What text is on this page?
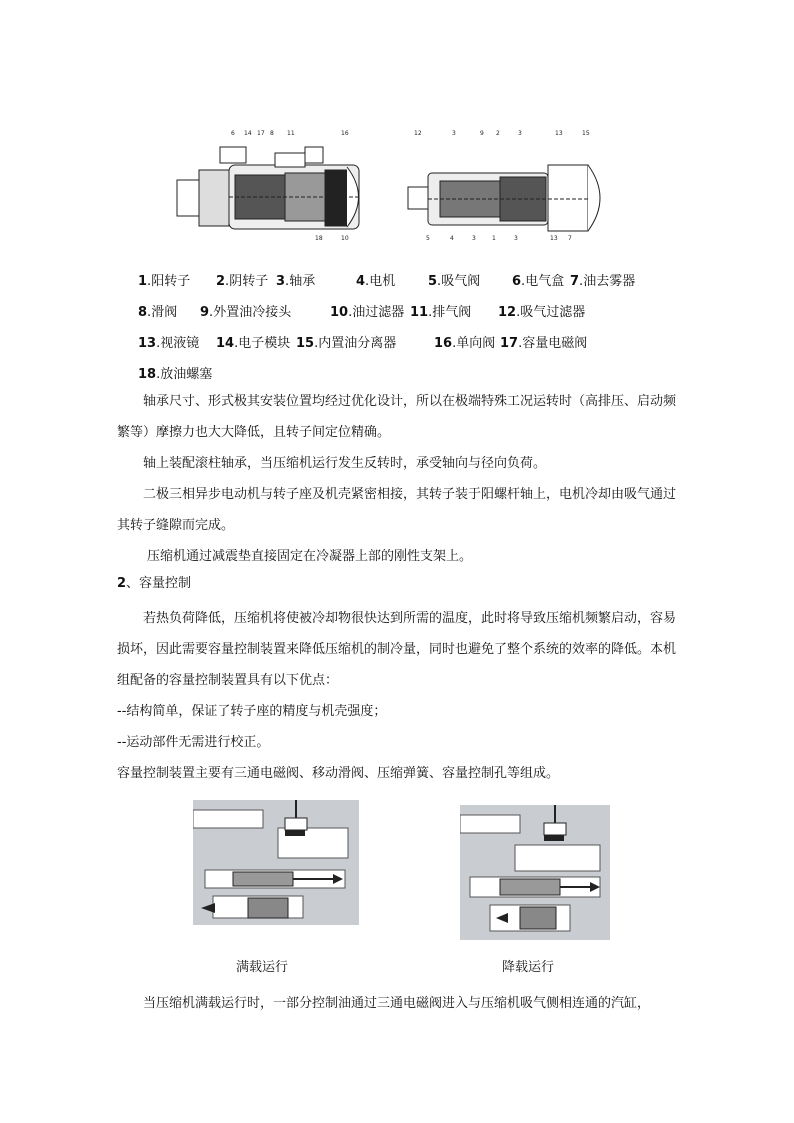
6 14 17 8 11	16
18	10
12	3	9 2	3	13	15
5	4	3	1	3	13 7
1.阳转子 2.阴转子 3.轴承	4.电机	5.吸气阀 6.电气盒 7.油去雾器
8.滑阀 9.外置油冷接头	10.油过滤器 11.排气阀 12.吸气过滤器
13.视液镜 14.电子模块 15.内置油分离器	16.单向阀 17.容量电磁阀
18.放油螺塞

轴承尺寸、形式极其安装位置均经过优化设计，所以在极端特殊工况运转时（高排压、启动频繁等）摩擦力也大大降低，且转子间定位精确。

轴上装配滚柱轴承，当压缩机运行发生反转时，承受轴向与径向负荷。

二极三相异步电动机与转子座及机壳紧密相接，其转子装于阳螺杆轴上，电机冷却由吸气通过其转子缝隙而完成。

压缩机通过减震垫直接固定在冷凝器上部的刚性支架上。

2、容量控制

若热负荷降低，压缩机将使被冷却物很快达到所需的温度，此时将导致压缩机频繁启动，容易损坏，因此需要容量控制装置来降低压缩机的制冷量，同时也避免了整个系统的效率的降低。本机组配备的容量控制装置具有以下优点：

--结构简单，保证了转子座的精度与机壳强度；

--运动部件无需进行校正。

容量控制装置主要有三通电磁阀、移动滑阀、压缩弹簧、容量控制孔等组成。

满载运行	降载运行

当压缩机满载运行时，一部分控制油通过三通电磁阀进入与压缩机吸气侧相连通的汽缸，
